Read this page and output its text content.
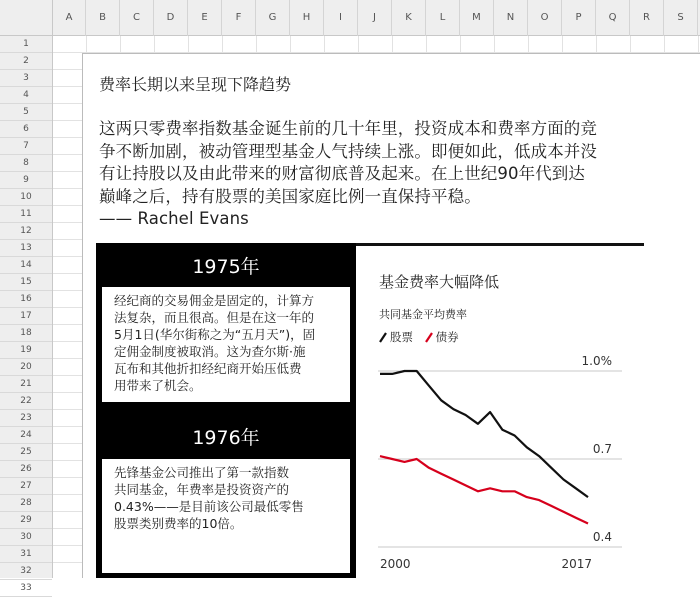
A	B	C	D	E	F	G	H	I	J	K	L	M	N	O	P	Q	R	S
1
2
3
4
5
6
7
8
9
10
11
12
13
14
15
16
17
18
19
20
21
22
23
24
25
26
27
28
29
30
31
32
33
费率长期以来呈现下降趋势
这两只零费率指数基金诞生前的几十年里，投资成本和费率方面的竞
争不断加剧，被动管理型基金人气持续上涨。即便如此，低成本并没
有让持股以及由此带来的财富彻底普及起来。在上世纪90年代到达
巅峰之后，持有股票的美国家庭比例一直保持平稳。
—— Rachel Evans
1975年
经纪商的交易佣金是固定的，计算方
法复杂，而且很高。但是在这一年的
5月1日(华尔街称之为“五月天”)，固
定佣金制度被取消。这为查尔斯·施
瓦布和其他折扣经纪商开始压低费
用带来了机会。
1976年
先锋基金公司推出了第一款指数
共同基金，年费率是投资资产的
0.43%——是目前该公司最低零售
股票类别费率的10倍。
基金费率大幅降低
共同基金平均费率
股票 债券
1.0%
0.7
0.4
2000	2017
